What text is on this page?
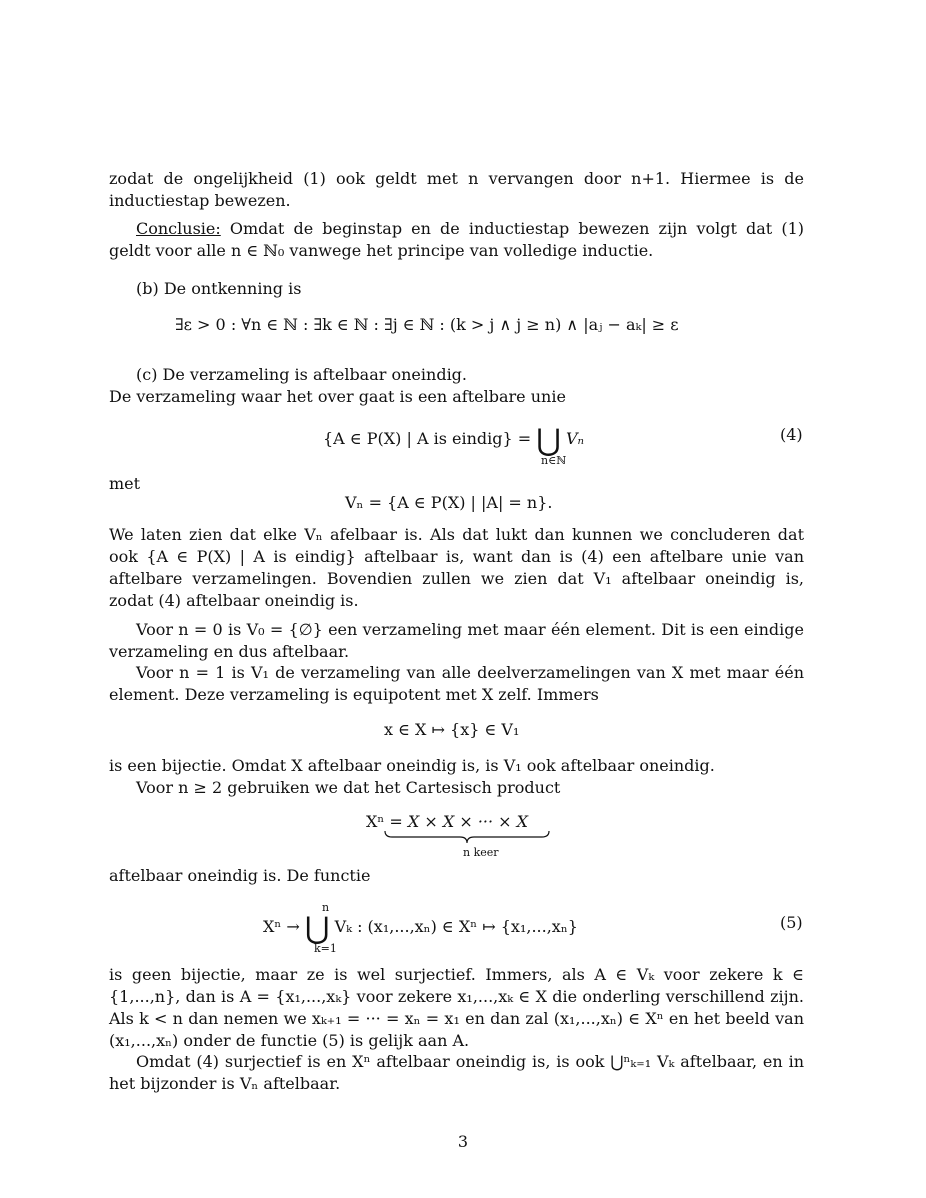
zodat de ongelijkheid (1) ook geldt met n vervangen door n+1. Hiermee is de inductiestap bewezen.

Conclusie: Omdat de beginstap en de inductiestap bewezen zijn volgt dat (1) geldt voor alle n ∈ ℕ₀ vanwege het principe van volledige inductie.

(b) De ontkenning is

∃ε > 0 : ∀n ∈ ℕ : ∃k ∈ ℕ : ∃j ∈ ℕ : (k > j ∧ j ≥ n) ∧ |aⱼ − aₖ| ≥ ε

(c) De verzameling is aftelbaar oneindig.

De verzameling waar het over gaat is een aftelbare unie

{A ∈ P(X) | A is eindig} = ⋃ Vₙ
n∈ℕ
(4)

met

Vₙ = {A ∈ P(X) | |A| = n}.

We laten zien dat elke Vₙ afelbaar is. Als dat lukt dan kunnen we concluderen dat ook {A ∈ P(X) | A is eindig} aftelbaar is, want dan is (4) een aftelbare unie van aftelbare verzamelingen. Bovendien zullen we zien dat V₁ aftelbaar oneindig is, zodat (4) aftelbaar oneindig is.

Voor n = 0 is V₀ = {∅} een verzameling met maar één element. Dit is een eindige verzameling en dus aftelbaar.

Voor n = 1 is V₁ de verzameling van alle deelverzamelingen van X met maar één element. Deze verzameling is equipotent met X zelf. Immers

x ∈ X ↦ {x} ∈ V₁

is een bijectie. Omdat X aftelbaar oneindig is, is V₁ ook aftelbaar oneindig.

Voor n ≥ 2 gebruiken we dat het Cartesisch product

Xⁿ = X × X × ··· × X
n keer

aftelbaar oneindig is. De functie

n
Xⁿ → ⋃ Vₖ : (x₁,...,xₙ) ∈ Xⁿ ↦ {x₁,...,xₙ}
k=1
(5)

is geen bijectie, maar ze is wel surjectief. Immers, als A ∈ Vₖ voor zekere k ∈ {1,...,n}, dan is A = {x₁,...,xₖ} voor zekere x₁,...,xₖ ∈ X die onderling verschillend zijn. Als k < n dan nemen we xₖ₊₁ = ··· = xₙ = x₁ en dan zal (x₁,...,xₙ) ∈ Xⁿ en het beeld van (x₁,...,xₙ) onder de functie (5) is gelijk aan A.

Omdat (4) surjectief is en Xⁿ aftelbaar oneindig is, is ook ⋃ⁿₖ₌₁ Vₖ aftelbaar, en in het bijzonder is Vₙ aftelbaar.

3
